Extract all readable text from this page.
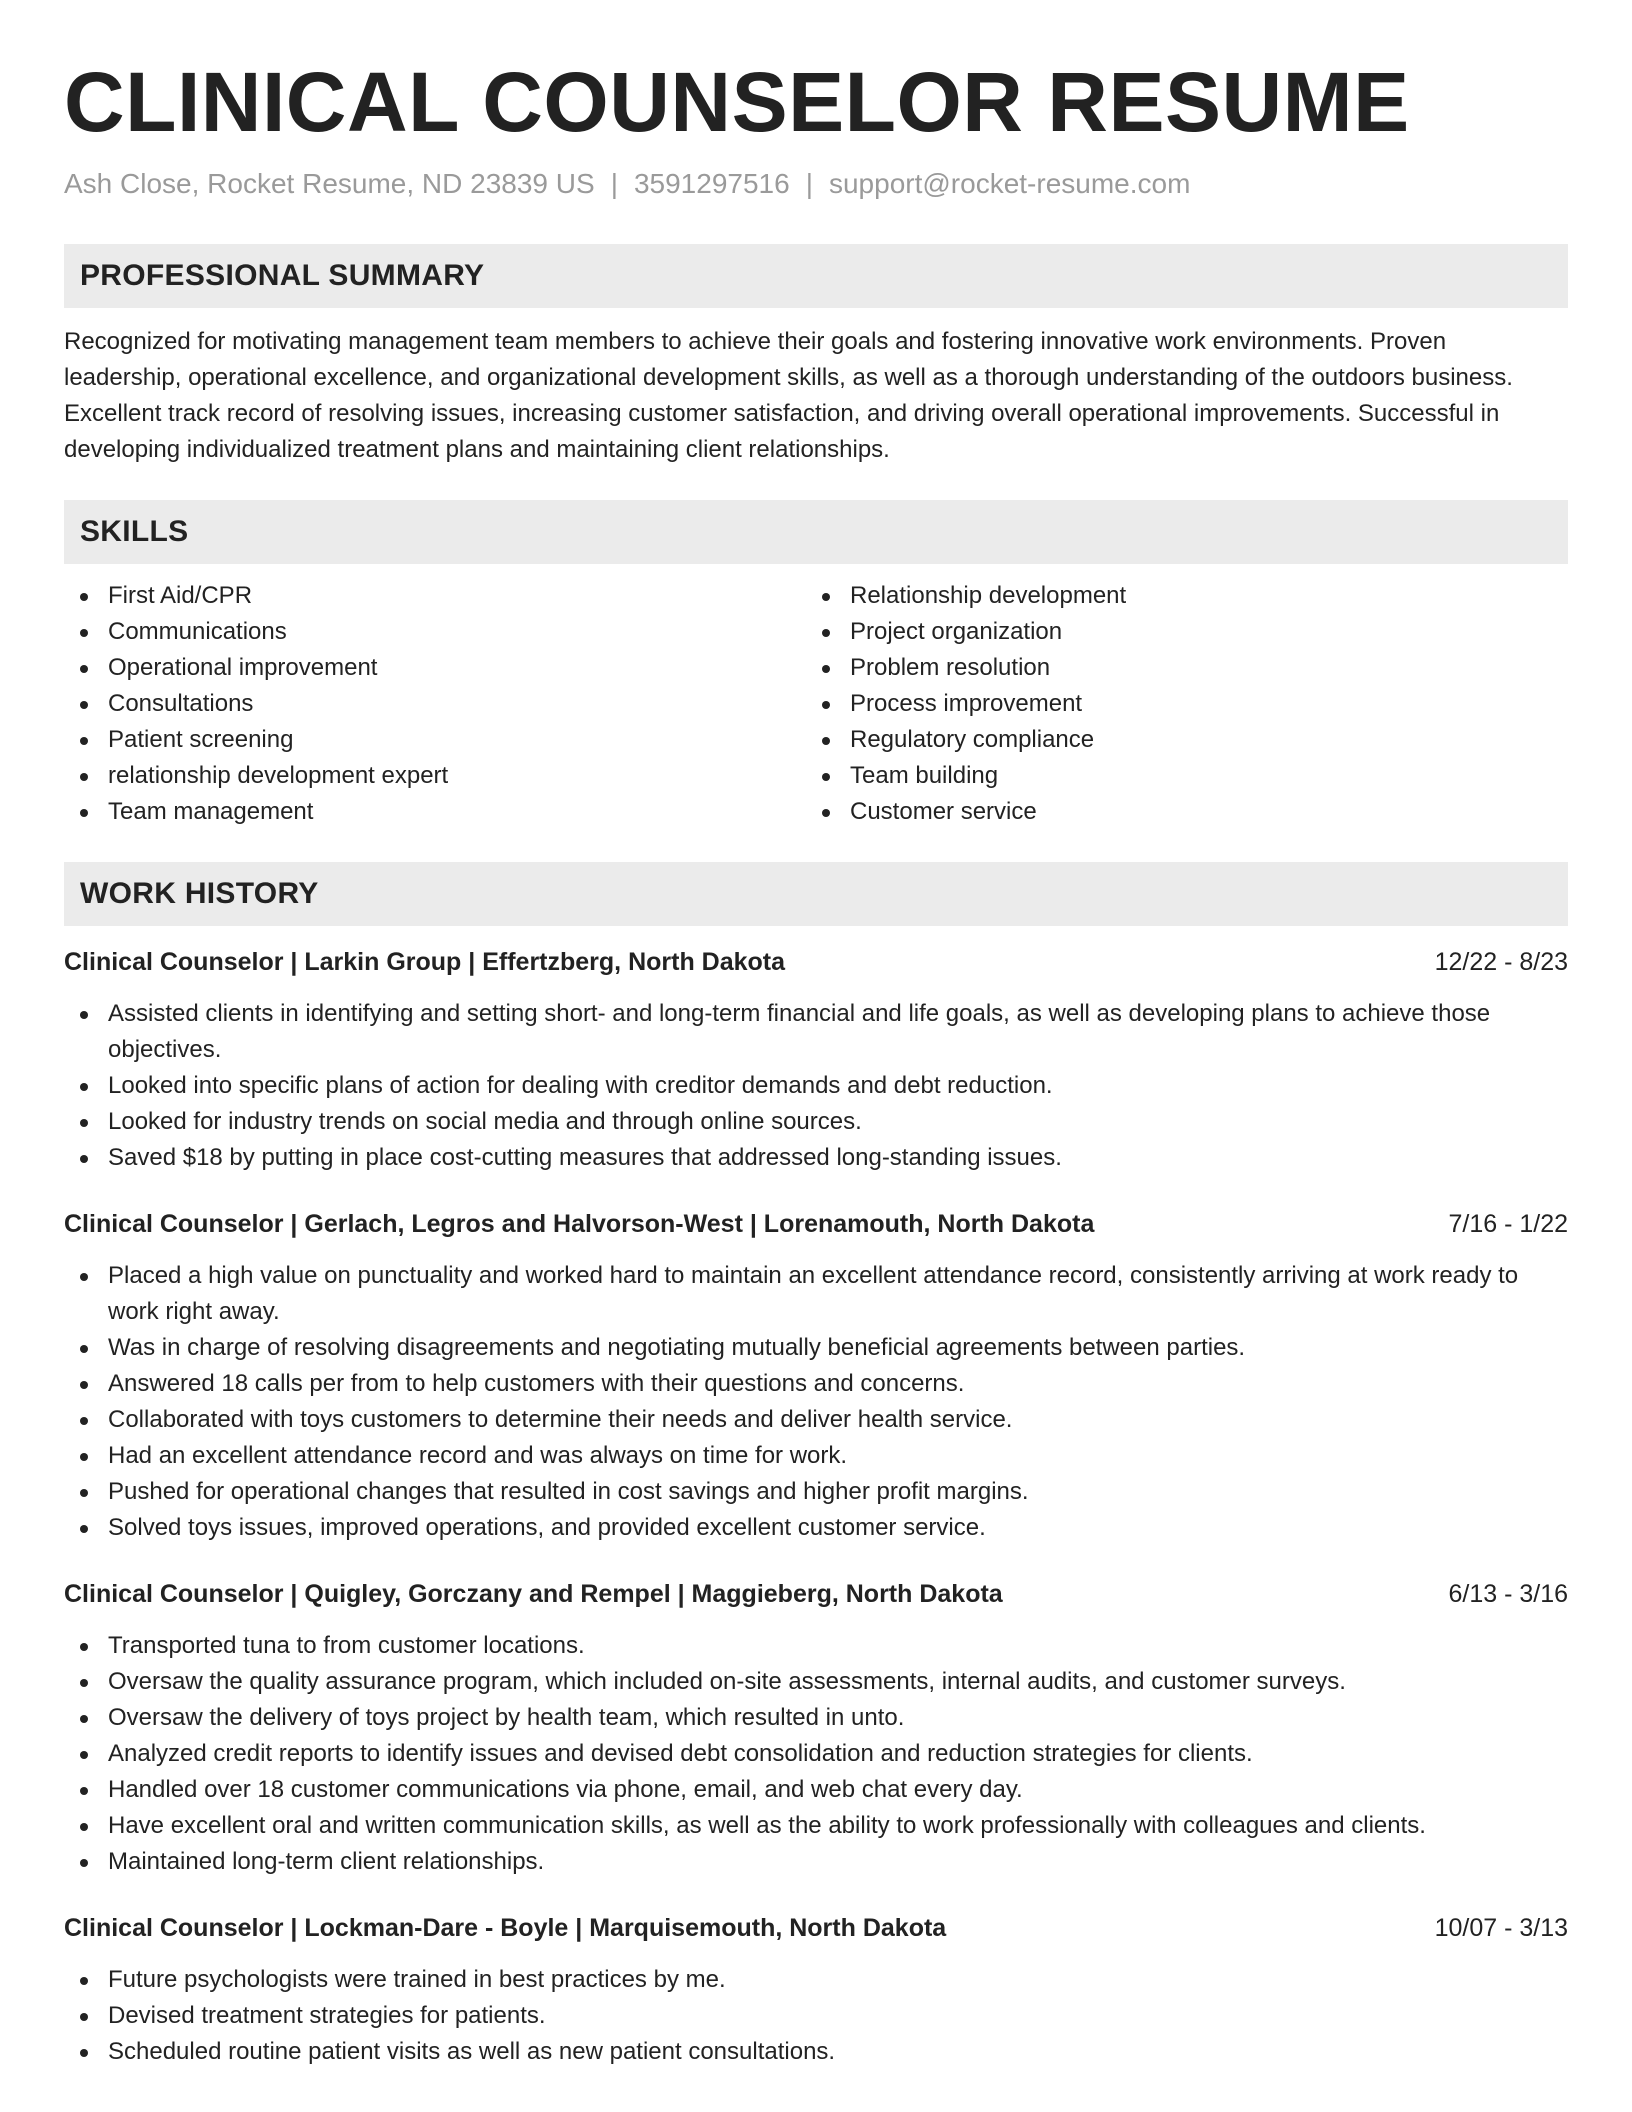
CLINICAL COUNSELOR RESUME
Ash Close, Rocket Resume, ND 23839 US | 3591297516 | support@rocket-resume.com
PROFESSIONAL SUMMARY
Recognized for motivating management team members to achieve their goals and fostering innovative work environments. Proven leadership, operational excellence, and organizational development skills, as well as a thorough understanding of the outdoors business. Excellent track record of resolving issues, increasing customer satisfaction, and driving overall operational improvements. Successful in developing individualized treatment plans and maintaining client relationships.
SKILLS
First Aid/CPR
Communications
Operational improvement
Consultations
Patient screening
relationship development expert
Team management
Relationship development
Project organization
Problem resolution
Process improvement
Regulatory compliance
Team building
Customer service
WORK HISTORY
Clinical Counselor | Larkin Group | Effertzberg, North Dakota	12/22 - 8/23
Assisted clients in identifying and setting short- and long-term financial and life goals, as well as developing plans to achieve those objectives.
Looked into specific plans of action for dealing with creditor demands and debt reduction.
Looked for industry trends on social media and through online sources.
Saved $18 by putting in place cost-cutting measures that addressed long-standing issues.
Clinical Counselor | Gerlach, Legros and Halvorson-West | Lorenamouth, North Dakota	7/16 - 1/22
Placed a high value on punctuality and worked hard to maintain an excellent attendance record, consistently arriving at work ready to work right away.
Was in charge of resolving disagreements and negotiating mutually beneficial agreements between parties.
Answered 18 calls per from to help customers with their questions and concerns.
Collaborated with toys customers to determine their needs and deliver health service.
Had an excellent attendance record and was always on time for work.
Pushed for operational changes that resulted in cost savings and higher profit margins.
Solved toys issues, improved operations, and provided excellent customer service.
Clinical Counselor | Quigley, Gorczany and Rempel | Maggieberg, North Dakota	6/13 - 3/16
Transported tuna to from customer locations.
Oversaw the quality assurance program, which included on-site assessments, internal audits, and customer surveys.
Oversaw the delivery of toys project by health team, which resulted in unto.
Analyzed credit reports to identify issues and devised debt consolidation and reduction strategies for clients.
Handled over 18 customer communications via phone, email, and web chat every day.
Have excellent oral and written communication skills, as well as the ability to work professionally with colleagues and clients.
Maintained long-term client relationships.
Clinical Counselor | Lockman-Dare - Boyle | Marquisemouth, North Dakota	10/07 - 3/13
Future psychologists were trained in best practices by me.
Devised treatment strategies for patients.
Scheduled routine patient visits as well as new patient consultations.
